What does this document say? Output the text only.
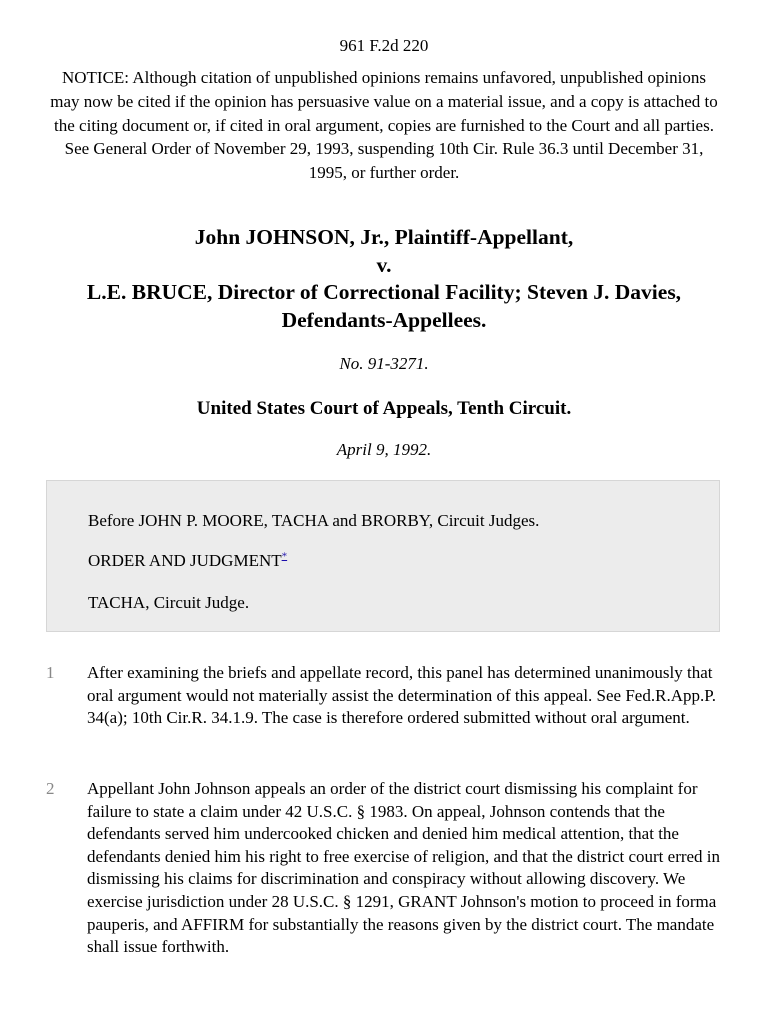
961 F.2d 220
NOTICE: Although citation of unpublished opinions remains unfavored, unpublished opinions may now be cited if the opinion has persuasive value on a material issue, and a copy is attached to the citing document or, if cited in oral argument, copies are furnished to the Court and all parties. See General Order of November 29, 1993, suspending 10th Cir. Rule 36.3 until December 31, 1995, or further order.
John JOHNSON, Jr., Plaintiff-Appellant,
v.
L.E. BRUCE, Director of Correctional Facility; Steven J. Davies, Defendants-Appellees.
No. 91-3271.
United States Court of Appeals, Tenth Circuit.
April 9, 1992.
Before JOHN P. MOORE, TACHA and BRORBY, Circuit Judges.
ORDER AND JUDGMENT*
TACHA, Circuit Judge.
1	After examining the briefs and appellate record, this panel has determined unanimously that oral argument would not materially assist the determination of this appeal. See Fed.R.App.P. 34(a); 10th Cir.R. 34.1.9. The case is therefore ordered submitted without oral argument.
2	Appellant John Johnson appeals an order of the district court dismissing his complaint for failure to state a claim under 42 U.S.C. § 1983. On appeal, Johnson contends that the defendants served him undercooked chicken and denied him medical attention, that the defendants denied him his right to free exercise of religion, and that the district court erred in dismissing his claims for discrimination and conspiracy without allowing discovery. We exercise jurisdiction under 28 U.S.C. § 1291, GRANT Johnson's motion to proceed in forma pauperis, and AFFIRM for substantially the reasons given by the district court. The mandate shall issue forthwith.
